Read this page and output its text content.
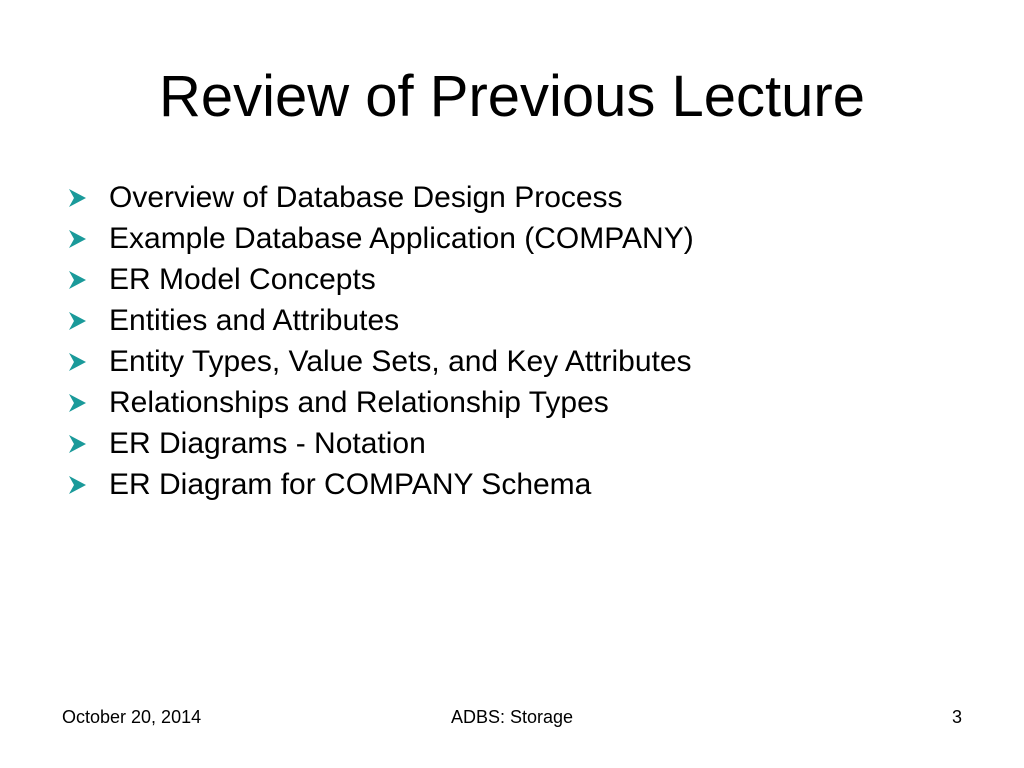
Review of Previous Lecture
Overview of Database Design Process
Example Database Application (COMPANY)
ER Model Concepts
Entities and Attributes
Entity Types, Value Sets, and Key Attributes
Relationships and Relationship Types
ER Diagrams - Notation
ER Diagram for COMPANY Schema
October 20, 2014	ADBS: Storage	3
